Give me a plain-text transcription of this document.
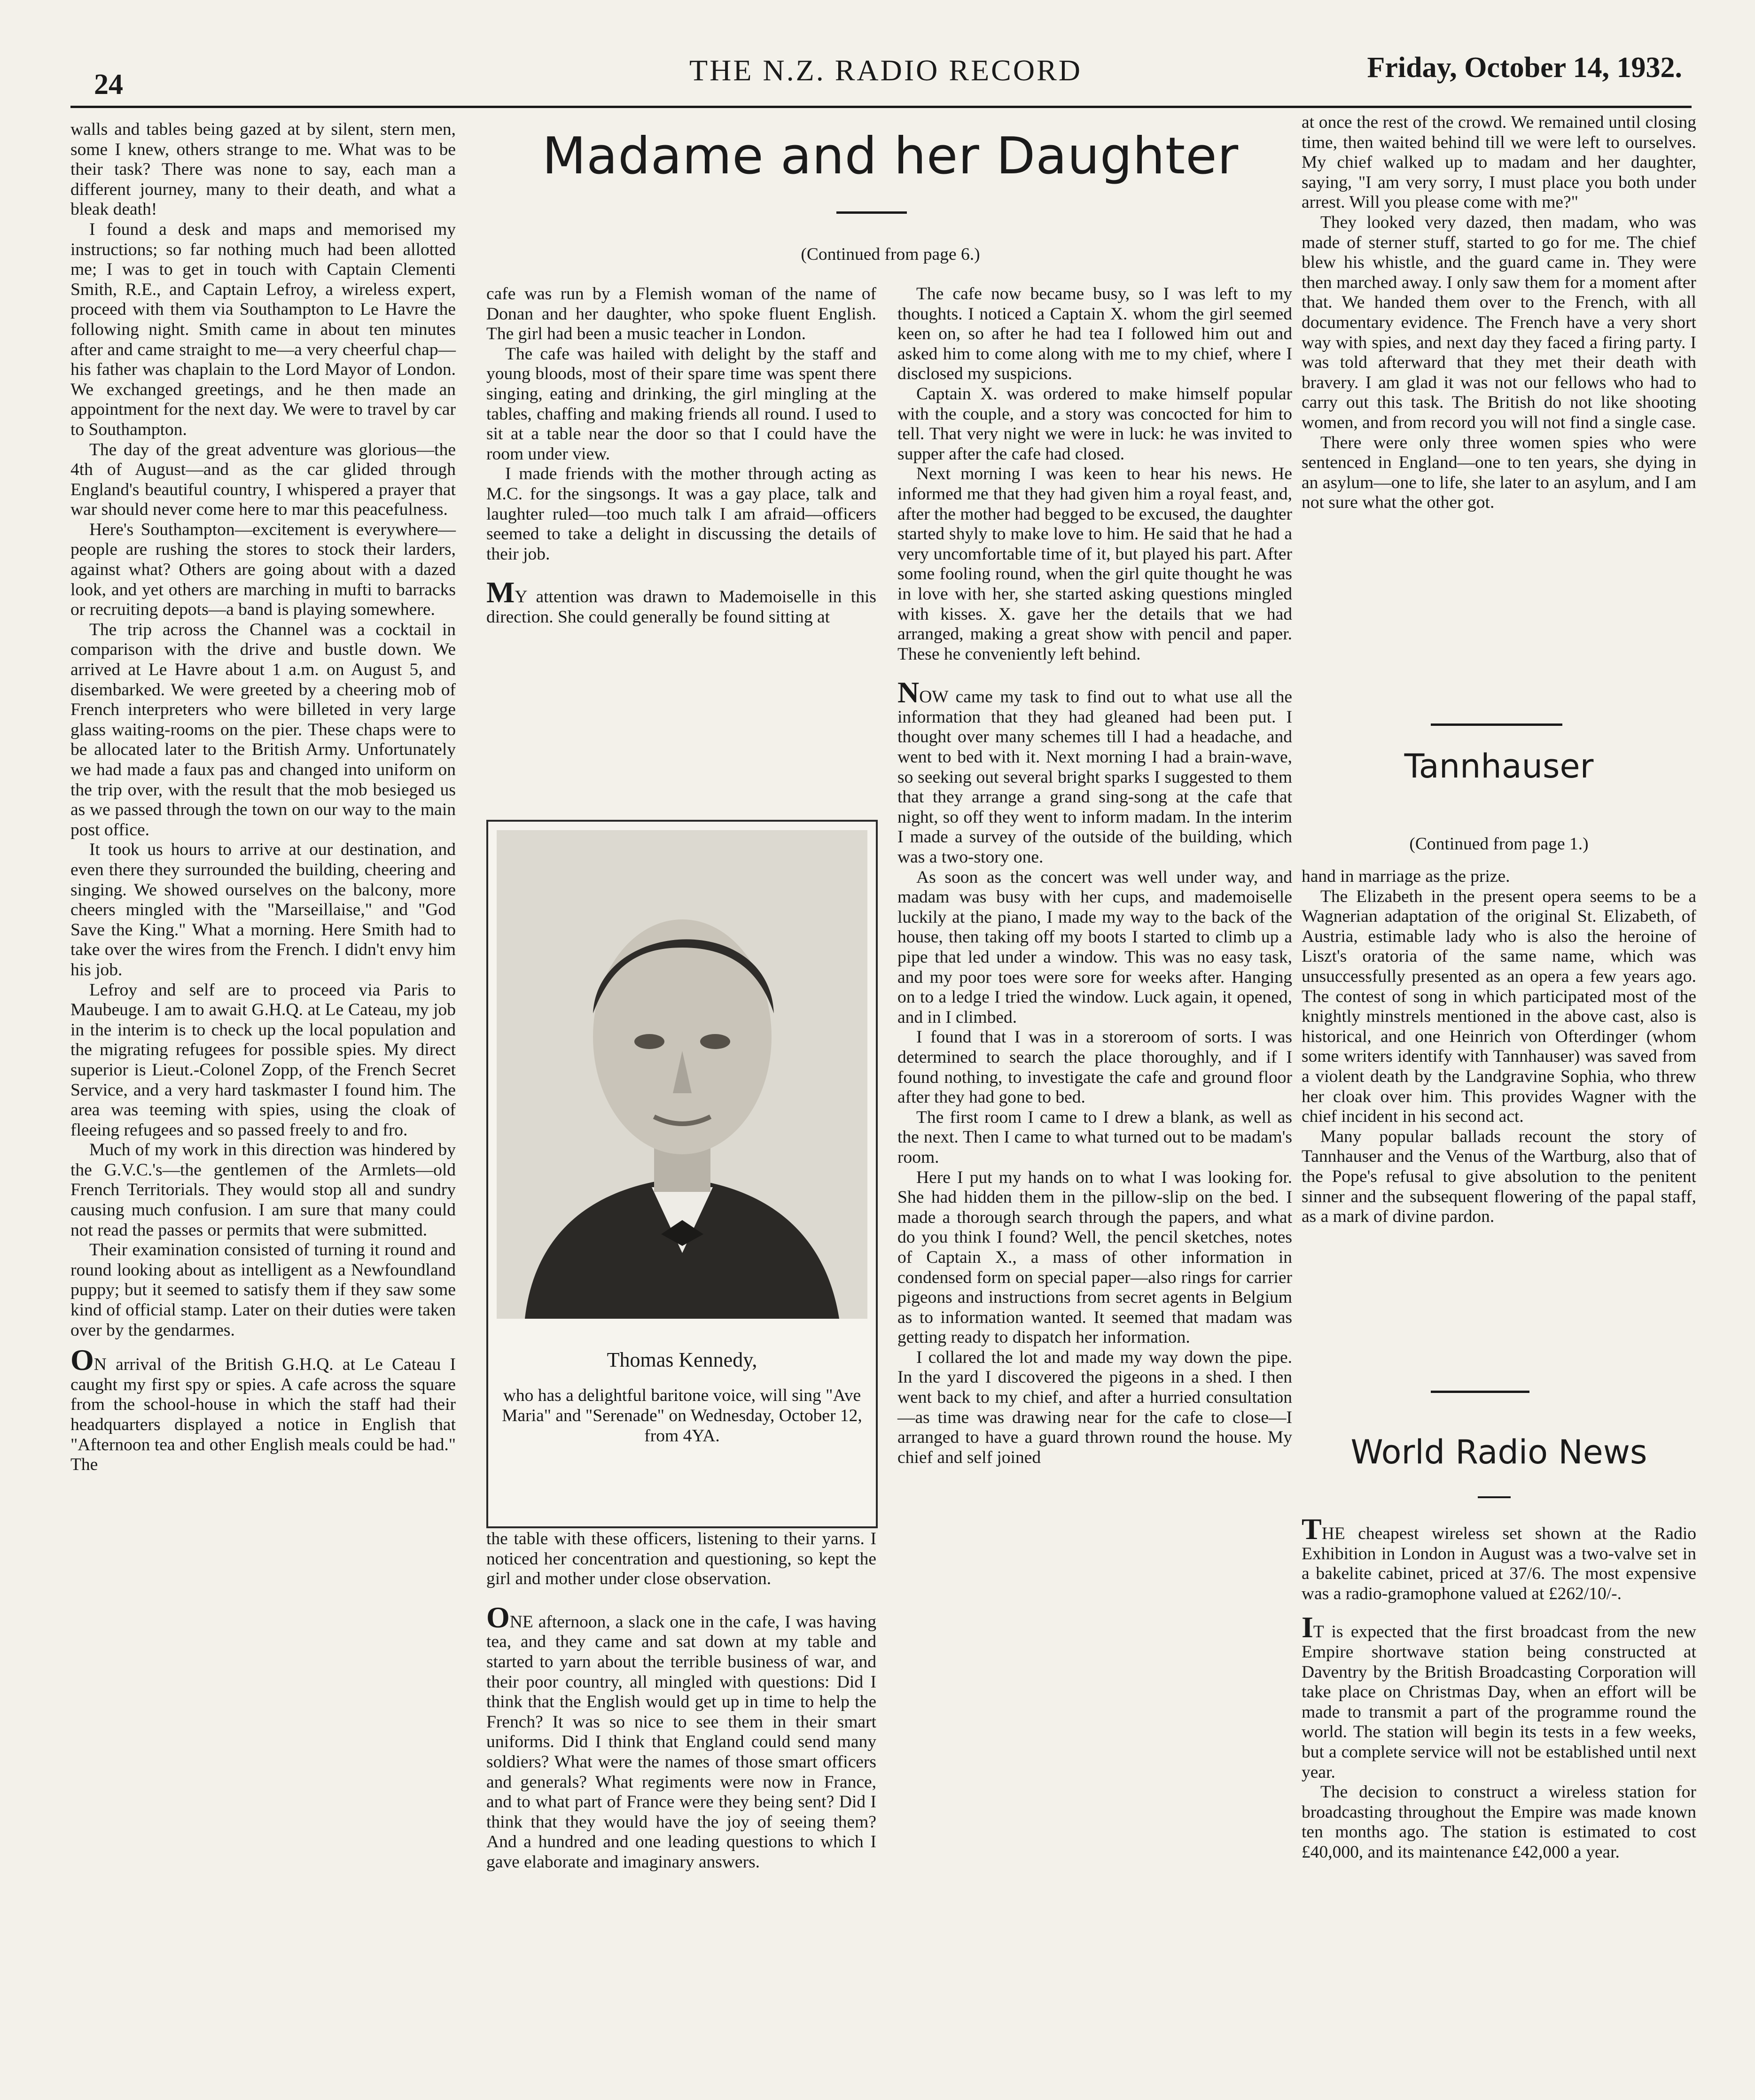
24	THE N.Z. RADIO RECORD	Friday, October 14, 1932.

walls and tables being gazed at by silent, stern men, some I knew, others strange to me. What was to be their task? There was none to say, each man a different journey, many to their death, and what a bleak death!

I found a desk and maps and memorised my instructions; so far nothing much had been allotted me; I was to get in touch with Captain Clementi Smith, R.E., and Captain Lefroy, a wireless expert, proceed with them via Southampton to Le Havre the following night. Smith came in about ten minutes after and came straight to me—a very cheerful chap—his father was chaplain to the Lord Mayor of London. We exchanged greetings, and he then made an appointment for the next day. We were to travel by car to Southampton.

The day of the great adventure was glorious—the 4th of August—and as the car glided through England's beautiful country, I whispered a prayer that war should never come here to mar this peacefulness.

Here's Southampton—excitement is everywhere—people are rushing the stores to stock their larders, against what? Others are going about with a dazed look, and yet others are marching in mufti to barracks or recruiting depots—a band is playing somewhere.

The trip across the Channel was a cocktail in comparison with the drive and bustle down. We arrived at Le Havre about 1 a.m. on August 5, and disembarked. We were greeted by a cheering mob of French interpreters who were billeted in very large glass waiting-rooms on the pier. These chaps were to be allocated later to the British Army. Unfortunately we had made a faux pas and changed into uniform on the trip over, with the result that the mob besieged us as we passed through the town on our way to the main post office.

It took us hours to arrive at our destination, and even there they surrounded the building, cheering and singing. We showed ourselves on the balcony, more cheers mingled with the "Marseillaise," and "God Save the King." What a morning. Here Smith had to take over the wires from the French. I didn't envy him his job.

Lefroy and self are to proceed via Paris to Maubeuge. I am to await G.H.Q. at Le Cateau, my job in the interim is to check up the local population and the migrating refugees for possible spies. My direct superior is Lieut.-Colonel Zopp, of the French Secret Service, and a very hard taskmaster I found him. The area was teeming with spies, using the cloak of fleeing refugees and so passed freely to and fro.

Much of my work in this direction was hindered by the G.V.C.'s—the gentlemen of the Armlets—old French Territorials. They would stop all and sundry causing much confusion. I am sure that many could not read the passes or permits that were submitted.

Their examination consisted of turning it round and round looking about as intelligent as a Newfoundland puppy; but it seemed to satisfy them if they saw some kind of official stamp. Later on their duties were taken over by the gendarmes.

ON arrival of the British G.H.Q. at Le Cateau I caught my first spy or spies. A cafe across the square from the school-house in which the staff had their headquarters displayed a notice in English that "Afternoon tea and other English meals could be had." The

Madame and her Daughter
(Continued from page 6.)

cafe was run by a Flemish woman of the name of Donan and her daughter, who spoke fluent English. The girl had been a music teacher in London.

The cafe was hailed with delight by the staff and young bloods, most of their spare time was spent there singing, eating and drinking, the girl mingling at the tables, chaffing and making friends all round. I used to sit at a table near the door so that I could have the room under view.

I made friends with the mother through acting as M.C. for the singsongs. It was a gay place, talk and laughter ruled—too much talk I am afraid—officers seemed to take a delight in discussing the details of their job.

MY attention was drawn to Mademoiselle in this direction. She could generally be found sitting at

Thomas Kennedy,
who has a delightful baritone voice, will sing "Ave Maria" and "Serenade" on Wednesday, October 12, from 4YA.

the table with these officers, listening to their yarns. I noticed her concentration and questioning, so kept the girl and mother under close observation.

ONE afternoon, a slack one in the cafe, I was having tea, and they came and sat down at my table and started to yarn about the terrible business of war, and their poor country, all mingled with questions: Did I think that the English would get up in time to help the French? It was so nice to see them in their smart uniforms. Did I think that England could send many soldiers? What were the names of those smart officers and generals? What regiments were now in France, and to what part of France were they being sent? Did I think that they would have the joy of seeing them? And a hundred and one leading questions to which I gave elaborate and imaginary answers.

The cafe now became busy, so I was left to my thoughts. I noticed a Captain X. whom the girl seemed keen on, so after he had tea I followed him out and asked him to come along with me to my chief, where I disclosed my suspicions.

Captain X. was ordered to make himself popular with the couple, and a story was concocted for him to tell. That very night we were in luck: he was invited to supper after the cafe had closed.

Next morning I was keen to hear his news. He informed me that they had given him a royal feast, and, after the mother had begged to be excused, the daughter started shyly to make love to him. He said that he had a very uncomfortable time of it, but played his part. After some fooling round, when the girl quite thought he was in love with her, she started asking questions mingled with kisses. X. gave her the details that we had arranged, making a great show with pencil and paper. These he conveniently left behind.

NOW came my task to find out to what use all the information that they had gleaned had been put. I thought over many schemes till I had a headache, and went to bed with it. Next morning I had a brain-wave, so seeking out several bright sparks I suggested to them that they arrange a grand sing-song at the cafe that night, so off they went to inform madam. In the interim I made a survey of the outside of the building, which was a two-story one.

As soon as the concert was well under way, and madam was busy with her cups, and mademoiselle luckily at the piano, I made my way to the back of the house, then taking off my boots I started to climb up a pipe that led under a window. This was no easy task, and my poor toes were sore for weeks after. Hanging on to a ledge I tried the window. Luck again, it opened, and in I climbed.

I found that I was in a storeroom of sorts. I was determined to search the place thoroughly, and if I found nothing, to investigate the cafe and ground floor after they had gone to bed.

The first room I came to I drew a blank, as well as the next. Then I came to what turned out to be madam's room.

Here I put my hands on to what I was looking for. She had hidden them in the pillow-slip on the bed. I made a thorough search through the papers, and what do you think I found? Well, the pencil sketches, notes of Captain X., a mass of other information in condensed form on special paper—also rings for carrier pigeons and instructions from secret agents in Belgium as to information wanted. It seemed that madam was getting ready to dispatch her information.

I collared the lot and made my way down the pipe. In the yard I discovered the pigeons in a shed. I then went back to my chief, and after a hurried consultation—as time was drawing near for the cafe to close—I arranged to have a guard thrown round the house. My chief and self joined

at once the rest of the crowd. We remained until closing time, then waited behind till we were left to ourselves. My chief walked up to madam and her daughter, saying, "I am very sorry, I must place you both under arrest. Will you please come with me?"

They looked very dazed, then madam, who was made of sterner stuff, started to go for me. The chief blew his whistle, and the guard came in. They were then marched away. I only saw them for a moment after that. We handed them over to the French, with all documentary evidence. The French have a very short way with spies, and next day they faced a firing party. I was told afterward that they met their death with bravery. I am glad it was not our fellows who had to carry out this task. The British do not like shooting women, and from record you will not find a single case.

There were only three women spies who were sentenced in England—one to ten years, she dying in an asylum—one to life, she later to an asylum, and I am not sure what the other got.

Tannhauser
(Continued from page 1.)

hand in marriage as the prize.

The Elizabeth in the present opera seems to be a Wagnerian adaptation of the original St. Elizabeth, of Austria, estimable lady who is also the heroine of Liszt's oratoria of the same name, which was unsuccessfully presented as an opera a few years ago. The contest of song in which participated most of the knightly minstrels mentioned in the above cast, also is historical, and one Heinrich von Ofterdinger (whom some writers identify with Tannhauser) was saved from a violent death by the Landgravine Sophia, who threw her cloak over him. This provides Wagner with the chief incident in his second act.

Many popular ballads recount the story of Tannhauser and the Venus of the Wartburg, also that of the Pope's refusal to give absolution to the penitent sinner and the subsequent flowering of the papal staff, as a mark of divine pardon.

World Radio News

THE cheapest wireless set shown at the Radio Exhibition in London in August was a two-valve set in a bakelite cabinet, priced at 37/6. The most expensive was a radio-gramophone valued at £262/10/-.

IT is expected that the first broadcast from the new Empire shortwave station being constructed at Daventry by the British Broadcasting Corporation will take place on Christmas Day, when an effort will be made to transmit a part of the programme round the world. The station will begin its tests in a few weeks, but a complete service will not be established until next year.

The decision to construct a wireless station for broadcasting throughout the Empire was made known ten months ago. The station is estimated to cost £40,000, and its maintenance £42,000 a year.
